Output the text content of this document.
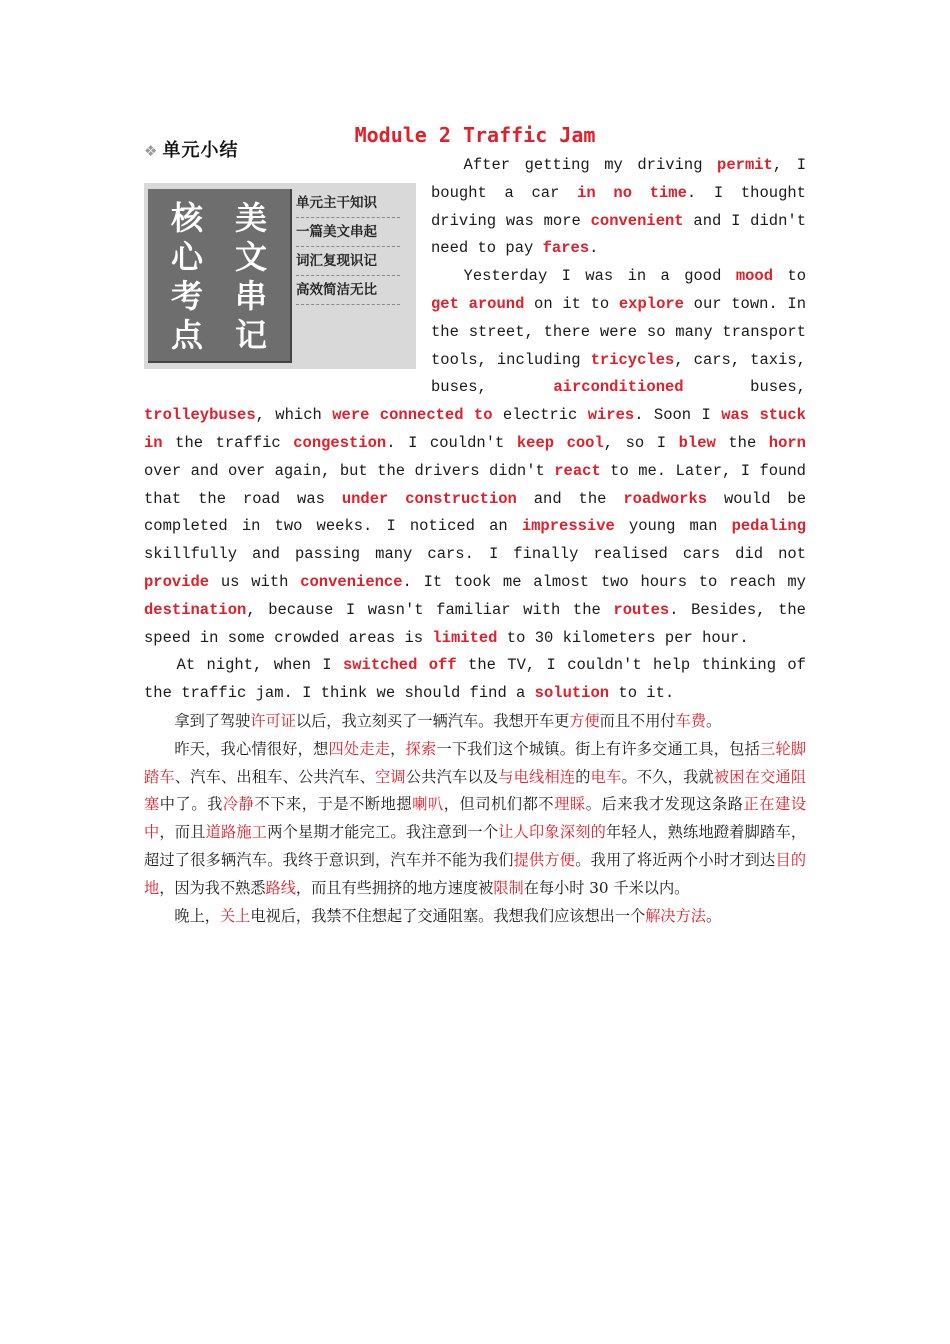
Module 2 Traffic Jam
❖ 单元小结
核 美
心 文
考 串
点 记
单元主干知识
一篇美文串起
词汇复现识记
高效简洁无比

After getting my driving permit, I bought a car in no time. I thought driving was more convenient and I didn't need to pay fares.

Yesterday I was in a good mood to get around on it to explore our town. In the street, there were so many transport tools, including tricycles, cars, taxis, buses, airconditioned buses, trolleybuses, which were connected to electric wires. Soon I was stuck in the traffic congestion. I couldn't keep cool, so I blew the horn over and over again, but the drivers didn't react to me. Later, I found that the road was under construction and the roadworks would be completed in two weeks. I noticed an impressive young man pedaling skillfully and passing many cars. I finally realised cars did not provide us with convenience. It took me almost two hours to reach my destination, because I wasn't familiar with the routes. Besides, the speed in some crowded areas is limited to 30 kilometers per hour.

At night, when I switched off the TV, I couldn't help thinking of the traffic jam. I think we should find a solution to it.

拿到了驾驶许可证以后，我立刻买了一辆汽车。我想开车更方便而且不用付车费。

昨天，我心情很好，想四处走走，探索一下我们这个城镇。街上有许多交通工具，包括三轮脚踏车、汽车、出租车、公共汽车、空调公共汽车以及与电线相连的电车。不久，我就被困在交通阻塞中了。我冷静不下来，于是不断地摁喇叭，但司机们都不理睬。后来我才发现这条路正在建设中，而且道路施工两个星期才能完工。我注意到一个让人印象深刻的年轻人，熟练地蹬着脚踏车，超过了很多辆汽车。我终于意识到，汽车并不能为我们提供方便。我用了将近两个小时才到达目的地，因为我不熟悉路线，而且有些拥挤的地方速度被限制在每小时 30 千米以内。

晚上，关上电视后，我禁不住想起了交通阻塞。我想我们应该想出一个解决方法。
